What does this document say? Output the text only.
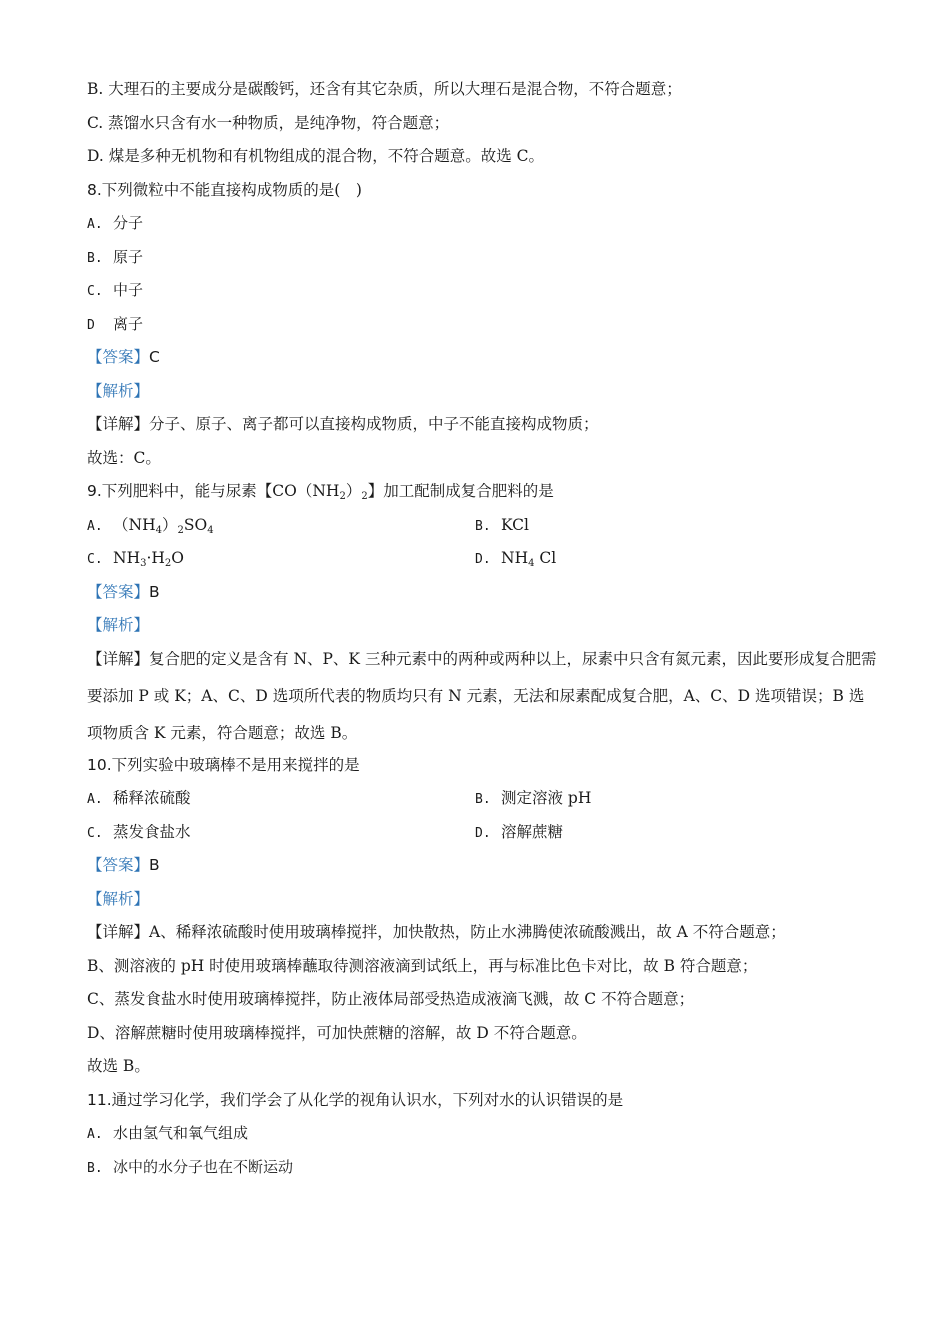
B. 大理石的主要成分是碳酸钙，还含有其它杂质，所以大理石是混合物，不符合题意；
C. 蒸馏水只含有水一种物质，是纯净物，符合题意；
D. 煤是多种无机物和有机物组成的混合物，不符合题意。故选 C。
8.下列微粒中不能直接构成物质的是(　)
A. 分子
B. 原子
C. 中子
D 离子
【答案】C
【解析】
【详解】分子、原子、离子都可以直接构成物质，中子不能直接构成物质；
故选：C。
9.下列肥料中，能与尿素【$CO(NH_2)_2$】加工配制成复合肥料的是
A. $(NH_4)_2SO_4$	B. KCl
C. $NH_3\cdot H_2O$	D. $NH_4$ Cl
【答案】B
【解析】
【详解】复合肥的定义是含有 N、P、K 三种元素中的两种或两种以上，尿素中只含有氮元素，因此要形成复合肥需要添加 P 或 K；A、C、D 选项所代表的物质均只有 N 元素，无法和尿素配成复合肥，A、C、D 选项错误；B 选项物质含 K 元素，符合题意；故选 B。
10.下列实验中玻璃棒不是用来搅拌的是
A. 稀释浓硫酸	B. 测定溶液 pH
C. 蒸发食盐水	D. 溶解蔗糖
【答案】B
【解析】
【详解】A、稀释浓硫酸时使用玻璃棒搅拌，加快散热，防止水沸腾使浓硫酸溅出，故 A 不符合题意；
B、测溶液的 pH 时使用玻璃棒蘸取待测溶液滴到试纸上，再与标准比色卡对比，故 B 符合题意；
C、蒸发食盐水时使用玻璃棒搅拌，防止液体局部受热造成液滴飞溅，故 C 不符合题意；
D、溶解蔗糖时使用玻璃棒搅拌，可加快蔗糖的溶解，故 D 不符合题意。
故选 B。
11.通过学习化学，我们学会了从化学的视角认识水，下列对水的认识错误的是
A. 水由氢气和氧气组成
B. 冰中的水分子也在不断运动
